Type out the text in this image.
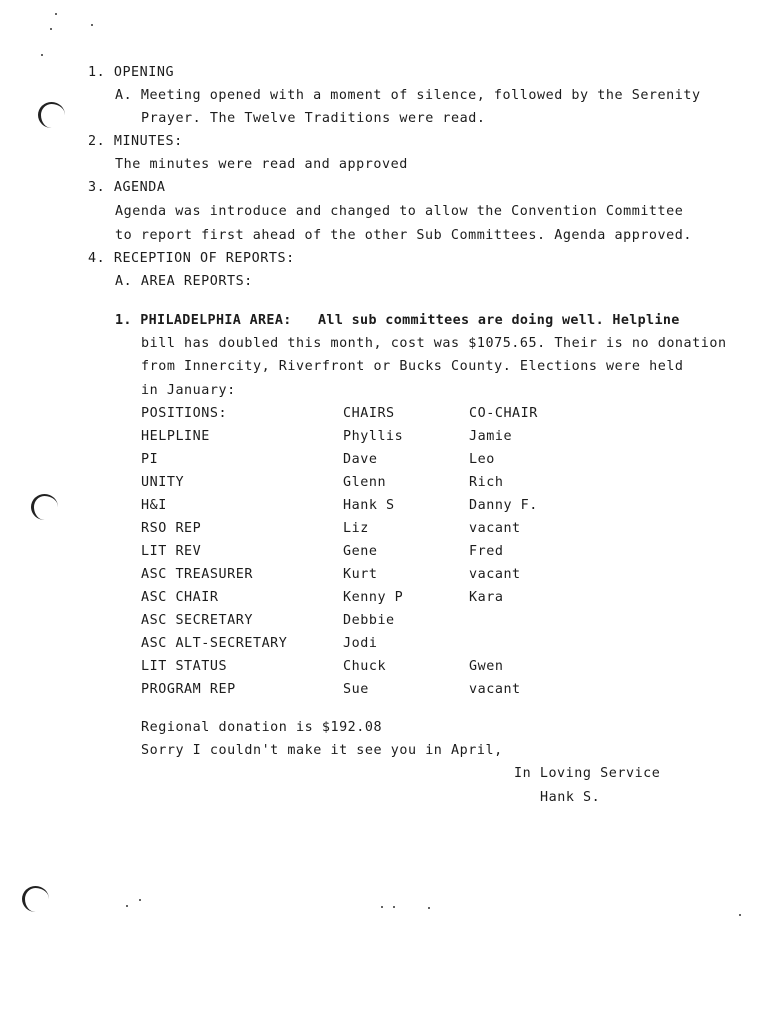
1. OPENING
A. Meeting opened with a moment of silence, followed by the Serenity
Prayer. The Twelve Traditions were read.
2. MINUTES:
The minutes were read and approved
3. AGENDA
Agenda was introduce and changed to allow the Convention Committee
to report first ahead of the other Sub Committees. Agenda approved.
4. RECEPTION OF REPORTS:
A. AREA REPORTS:
1. PHILADELPHIA AREA: All sub committees are doing well. Helpline
bill has doubled this month, cost was $1075.65. Their is no donation
from Innercity, Riverfront or Bucks County. Elections were held
in January:
POSITIONS:	CHAIRS	CO-CHAIR
HELPLINE	Phyllis	Jamie
PI	Dave	Leo
UNITY	Glenn	Rich
H&I	Hank S	Danny F.
RSO REP	Liz	vacant
LIT REV	Gene	Fred
ASC TREASURER	Kurt	vacant
ASC CHAIR	Kenny P	Kara
ASC SECRETARY	Debbie
ASC ALT-SECRETARY	Jodi
LIT STATUS	Chuck	Gwen
PROGRAM REP	Sue	vacant
Regional donation is $192.08
Sorry I couldn't make it see you in April,
In Loving Service
Hank S.
